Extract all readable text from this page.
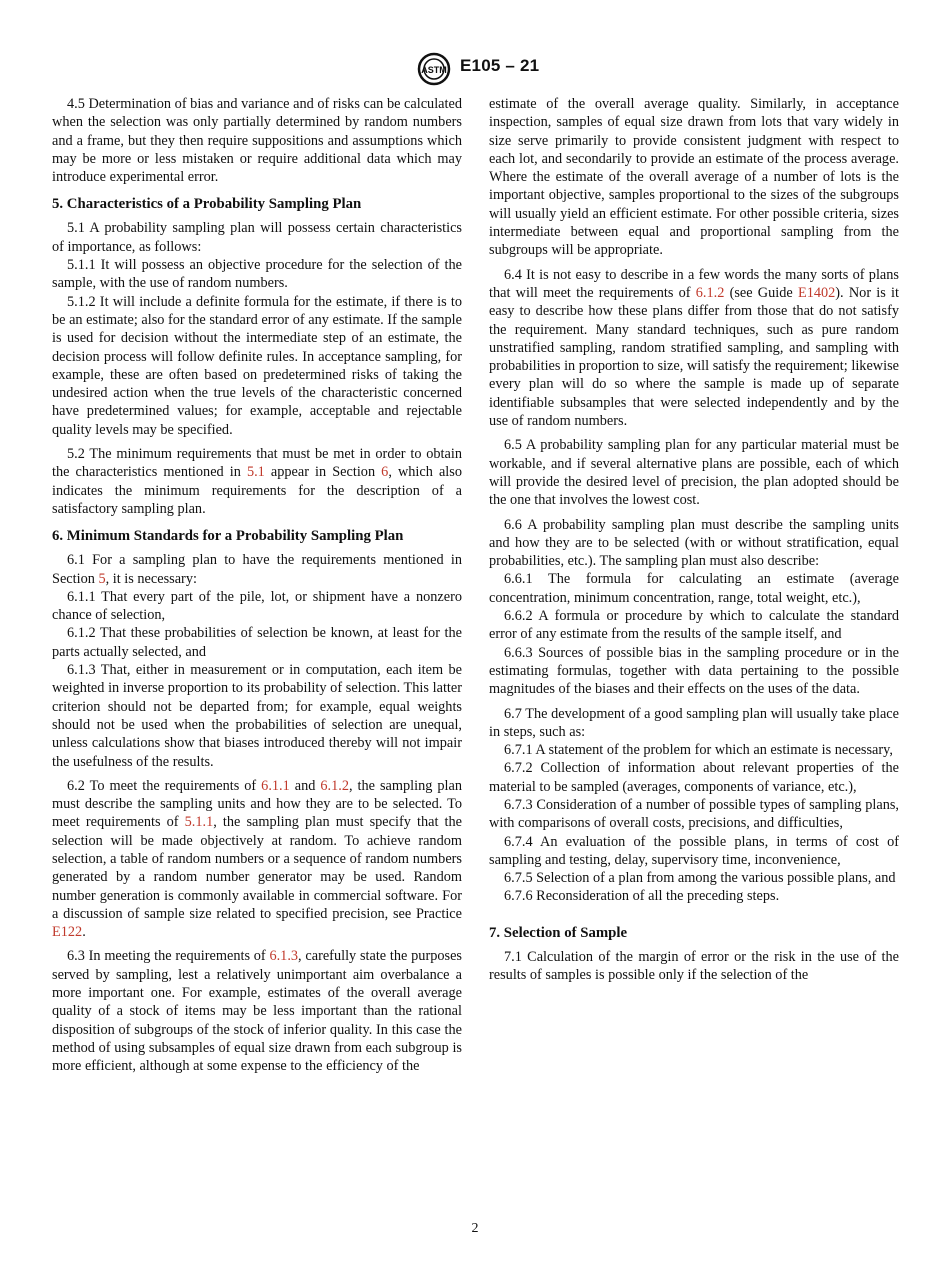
ASTM E105 – 21

4.5 Determination of bias and variance and of risks can be calculated when the selection was only partially determined by random numbers and a frame, but they then require suppositions and assumptions which may be more or less mistaken or require additional data which may introduce experimental error.

5. Characteristics of a Probability Sampling Plan

5.1 A probability sampling plan will possess certain characteristics of importance, as follows:

5.1.1 It will possess an objective procedure for the selection of the sample, with the use of random numbers.

5.1.2 It will include a definite formula for the estimate, if there is to be an estimate; also for the standard error of any estimate. If the sample is used for decision without the intermediate step of an estimate, the decision process will follow definite rules. In acceptance sampling, for example, these are often based on predetermined risks of taking the undesired action when the true levels of the characteristic concerned have predetermined values; for example, acceptable and rejectable quality levels may be specified.

5.2 The minimum requirements that must be met in order to obtain the characteristics mentioned in 5.1 appear in Section 6, which also indicates the minimum requirements for the description of a satisfactory sampling plan.

6. Minimum Standards for a Probability Sampling Plan

6.1 For a sampling plan to have the requirements mentioned in Section 5, it is necessary:

6.1.1 That every part of the pile, lot, or shipment have a nonzero chance of selection,

6.1.2 That these probabilities of selection be known, at least for the parts actually selected, and

6.1.3 That, either in measurement or in computation, each item be weighted in inverse proportion to its probability of selection. This latter criterion should not be departed from; for example, equal weights should not be used when the probabilities of selection are unequal, unless calculations show that biases introduced thereby will not impair the usefulness of the results.

6.2 To meet the requirements of 6.1.1 and 6.1.2, the sampling plan must describe the sampling units and how they are to be selected. To meet requirements of 5.1.1, the sampling plan must specify that the selection will be made objectively at random. To achieve random selection, a table of random numbers or a sequence of random numbers generated by a random number generator may be used. Random number generation is commonly available in commercial software. For a discussion of sample size related to specified precision, see Practice E122.

6.3 In meeting the requirements of 6.1.3, carefully state the purposes served by sampling, lest a relatively unimportant aim overbalance a more important one. For example, estimates of the overall average quality of a stock of items may be less important than the rational disposition of subgroups of the stock of inferior quality. In this case the method of using subsamples of equal size drawn from each subgroup is more efficient, although at some expense to the efficiency of the

estimate of the overall average quality. Similarly, in acceptance inspection, samples of equal size drawn from lots that vary widely in size serve primarily to provide consistent judgment with respect to each lot, and secondarily to provide an estimate of the process average. Where the estimate of the overall average of a number of lots is the important objective, samples proportional to the sizes of the subgroups will usually yield an efficient estimate. For other possible criteria, sizes intermediate between equal and proportional sampling from the subgroups will be appropriate.

6.4 It is not easy to describe in a few words the many sorts of plans that will meet the requirements of 6.1.2 (see Guide E1402). Nor is it easy to describe how these plans differ from those that do not satisfy the requirement. Many standard techniques, such as pure random unstratified sampling, random stratified sampling, and sampling with probabilities in proportion to size, will satisfy the requirement; likewise every plan will do so where the sample is made up of separate identifiable subsamples that were selected independently and by the use of random numbers.

6.5 A probability sampling plan for any particular material must be workable, and if several alternative plans are possible, each of which will provide the desired level of precision, the plan adopted should be the one that involves the lowest cost.

6.6 A probability sampling plan must describe the sampling units and how they are to be selected (with or without stratification, equal probabilities, etc.). The sampling plan must also describe:

6.6.1 The formula for calculating an estimate (average concentration, minimum concentration, range, total weight, etc.),

6.6.2 A formula or procedure by which to calculate the standard error of any estimate from the results of the sample itself, and

6.6.3 Sources of possible bias in the sampling procedure or in the estimating formulas, together with data pertaining to the possible magnitudes of the biases and their effects on the uses of the data.

6.7 The development of a good sampling plan will usually take place in steps, such as:

6.7.1 A statement of the problem for which an estimate is necessary,

6.7.2 Collection of information about relevant properties of the material to be sampled (averages, components of variance, etc.),

6.7.3 Consideration of a number of possible types of sampling plans, with comparisons of overall costs, precisions, and difficulties,

6.7.4 An evaluation of the possible plans, in terms of cost of sampling and testing, delay, supervisory time, inconvenience,

6.7.5 Selection of a plan from among the various possible plans, and

6.7.6 Reconsideration of all the preceding steps.

7. Selection of Sample

7.1 Calculation of the margin of error or the risk in the use of the results of samples is possible only if the selection of the

2
